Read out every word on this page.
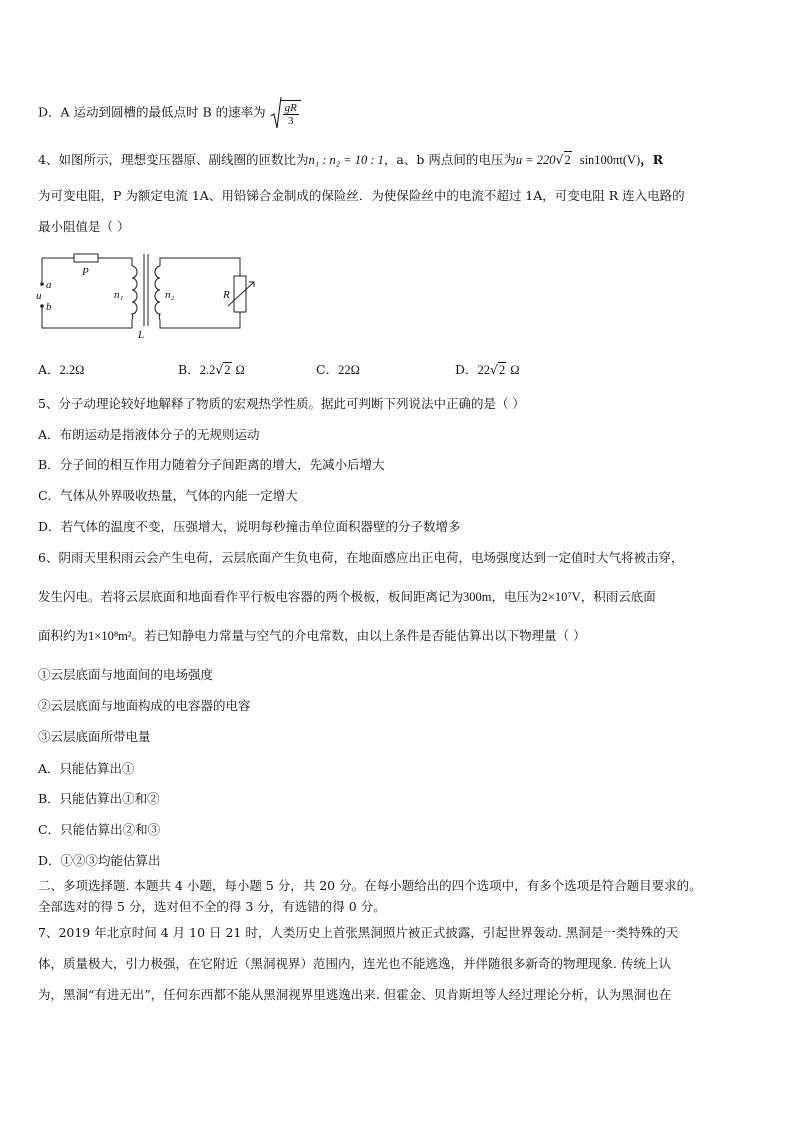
D．A 运动到圆槽的最低点时 B 的速率为 $\frac{gR}{3}$
4、如图所示，理想变压器原、副线圈的匝数比为n₁ : n₂ = 10 : 1，a、b 两点间的电压为u = 220√2 sin100πt(V)，R
为可变电阻，P 为额定电流 1A、用铅锑合金制成的保险丝．为使保险丝中的电流不超过 1A，可变电阻 R 连入电路的
最小阻值是（ ）
P
a
u
b
n₁	n₂
L
R
A．2.2Ω	B．2.2√2 Ω	C．22Ω	D．22√2 Ω
5、分子动理论较好地解释了物质的宏观热学性质。据此可判断下列说法中正确的是（ ）
A．布朗运动是指液体分子的无规则运动
B．分子间的相互作用力随着分子间距离的增大，先减小后增大
C．气体从外界吸收热量，气体的内能一定增大
D．若气体的温度不变，压强增大，说明每秒撞击单位面积器壁的分子数增多
6、阴雨天里积雨云会产生电荷，云层底面产生负电荷，在地面感应出正电荷，电场强度达到一定值时大气将被击穿，
发生闪电。若将云层底面和地面看作平行板电容器的两个极板，板间距离记为300m，电压为2×10⁷V，积雨云底面
面积约为1×10⁸m²。若已知静电力常量与空气的介电常数，由以上条件是否能估算出以下物理量（ ）
①云层底面与地面间的电场强度
②云层底面与地面构成的电容器的电容
③云层底面所带电量
A．只能估算出①
B．只能估算出①和②
C．只能估算出②和③
D．①②③均能估算出
二、多项选择题. 本题共 4 小题，每小题 5 分，共 20 分。在每小题给出的四个选项中，有多个选项是符合题目要求的。
全部选对的得 5 分，选对但不全的得 3 分，有选错的得 0 分。
7、2019 年北京时间 4 月 10 日 21 时，人类历史上首张黑洞照片被正式披露，引起世界轰动. 黑洞是一类特殊的天
体，质量极大，引力极强，在它附近（黑洞视界）范围内，连光也不能逃逸，并伴随很多新奇的物理现象. 传统上认
为，黑洞“有进无出”，任何东西都不能从黑洞视界里逃逸出来. 但霍金、贝肯斯坦等人经过理论分析，认为黑洞也在
